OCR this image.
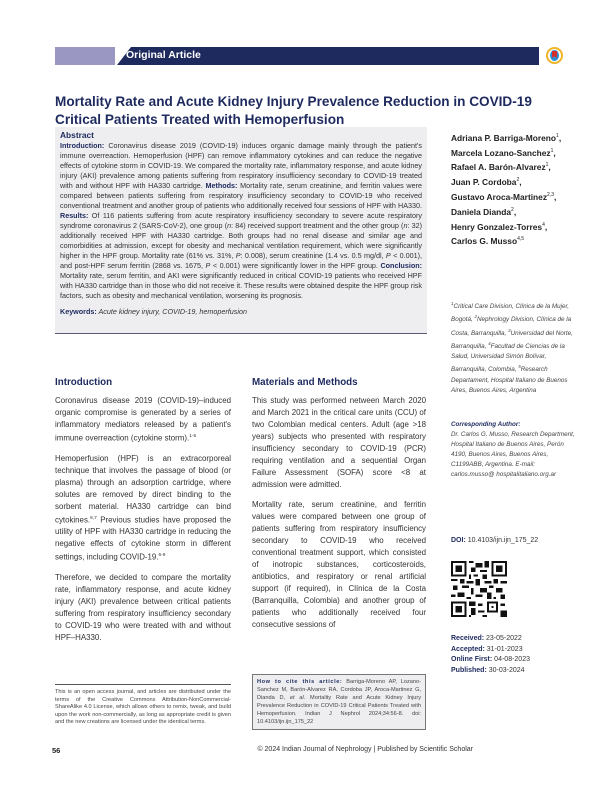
Original Article
Mortality Rate and Acute Kidney Injury Prevalence Reduction in COVID-19 Critical Patients Treated with Hemoperfusion
Abstract
Introduction: Coronavirus disease 2019 (COVID-19) induces organic damage mainly through the patient's immune overreaction. Hemoperfusion (HPF) can remove inflammatory cytokines and can reduce the negative effects of cytokine storm in COVID-19. We compared the mortality rate, inflammatory response, and acute kidney injury (AKI) prevalence among patients suffering from respiratory insufficiency secondary to COVID-19 treated with and without HPF with HA330 cartridge. Methods: Mortality rate, serum creatinine, and ferritin values were compared between patients suffering from respiratory insufficiency secondary to COVID-19 who received conventional treatment and another group of patients who additionally received four sessions of HPF with HA330. Results: Of 116 patients suffering from acute respiratory insufficiency secondary to severe acute respiratory syndrome coronavirus 2 (SARS-CoV-2), one group (n: 84) received support treatment and the other group (n: 32) additionally received HPF with HA330 cartridge. Both groups had no renal disease and similar age and comorbidities at admission, except for obesity and mechanical ventilation requirement, which were significantly higher in the HPF group. Mortality rate (61% vs. 31%, P: 0.008), serum creatinine (1.4 vs. 0.5 mg/dl, P < 0.001), and post-HPF serum ferritin (2868 vs. 1675, P < 0.001) were significantly lower in the HPF group. Conclusion: Mortality rate, serum ferritin, and AKI were significantly reduced in critical COVID-19 patients who received HPF with HA330 cartridge than in those who did not receive it. These results were obtained despite the HPF group risk factors, such as obesity and mechanical ventilation, worsening its prognosis.
Keywords: Acute kidney injury, COVID-19, hemoperfusion
Adriana P. Barriga-Moreno$^1$,
Marcela Lozano-Sanchez$^1$,
Rafael A. Barón-Alvarez$^1$,
Juan P. Cordoba$^2$,
Gustavo Aroca-Martinez$^{2,3}$,
Daniela Dianda$^2$,
Henry Gonzalez-Torres$^4$,
Carlos G. Musso$^{4,5}$
$^1$Critical Care Division, Clínica de la Mujer, Bogotá, $^2$Nephrology Division, Clínica de la Costa, Barranquilla, $^3$Universidad del Norte, Barranquilla, $^4$Facultad de Ciencias de la Salud, Universidad Simón Bolívar, Barranquilla, Colombia, $^5$Research Departament, Hospital Italiano de Buenos Aires, Buenos Aires, Argentina
Corresponding Author:
Dr. Carlos G. Musso, Research Department, Hospital Italiano de Buenos Aires, Perón 4190, Buenos Aires, Buenos Aires, C1199ABB, Argentina. E-mail: carlos.musso@ hospitalitaliano.org.ar
DOI: 10.4103/ijn.ijn_175_22
Received: 23-05-2022
Accepted: 31-01-2023
Online First: 04-08-2023
Published: 30-03-2024
Introduction

Coronavirus disease 2019 (COVID-19)–induced organic compromise is generated by a series of inflammatory mediators released by a patient's immune overreaction (cytokine storm).$^{1-5}$

Hemoperfusion (HPF) is an extracorporeal technique that involves the passage of blood (or plasma) through an adsorption cartridge, where solutes are removed by direct binding to the sorbent material. HA330 cartridge can bind cytokines.$^{6,7}$ Previous studies have proposed the utility of HPF with HA330 cartridge in reducing the negative effects of cytokine storm in different settings, including COVID-19.$^{6-9}$

Therefore, we decided to compare the mortality rate, inflammatory response, and acute kidney injury (AKI) prevalence between critical patients suffering from respiratory insufficiency secondary to COVID-19 who were treated with and without HPF–HA330.

Materials and Methods

This study was performed netween March 2020 and March 2021 in the critical care units (CCU) of two Colombian medical centers. Adult (age >18 years) subjects who presented with respiratory insufficiency secondary to COVID-19 (PCR) requiring ventilation and a sequential Organ Failure Assessment (SOFA) score <8 at admission were admitted.

Mortality rate, serum creatinine, and ferritin values were compared between one group of patients suffering from respiratory insufficiency secondary to COVID-19 who received conventional treatment support, which consisted of inotropic substances, corticosteroids, antibiotics, and respiratory or renal artificial support (if required), in Clínica de la Costa (Barranquilla, Colombia) and another group of patients who additionally received four consecutive sessions of

This is an open access journal, and articles are distributed under the terms of the Creative Commons Attribution-NonCommercial-ShareAlike 4.0 License, which allows others to remix, tweak, and build upon the work non-commercially, as long as appropriate credit is given and the new creations are licensed under the identical terms.
How to cite this article: Barriga-Moreno AP, Lozano-Sanchez M, Barón-Alvarez RA, Cordoba JP, Aroca-Martinez G, Dianda D, et al. Mortality Rate and Acute Kidney Injury Prevalence Reduction in COVID-19 Critical Patients Treated with Hemoperfusion. Indian J Nephrol 2024;34:56-8. doi: 10.4103/ijn.ijn_175_22
56	© 2024 Indian Journal of Nephrology | Published by Scientific Scholar
